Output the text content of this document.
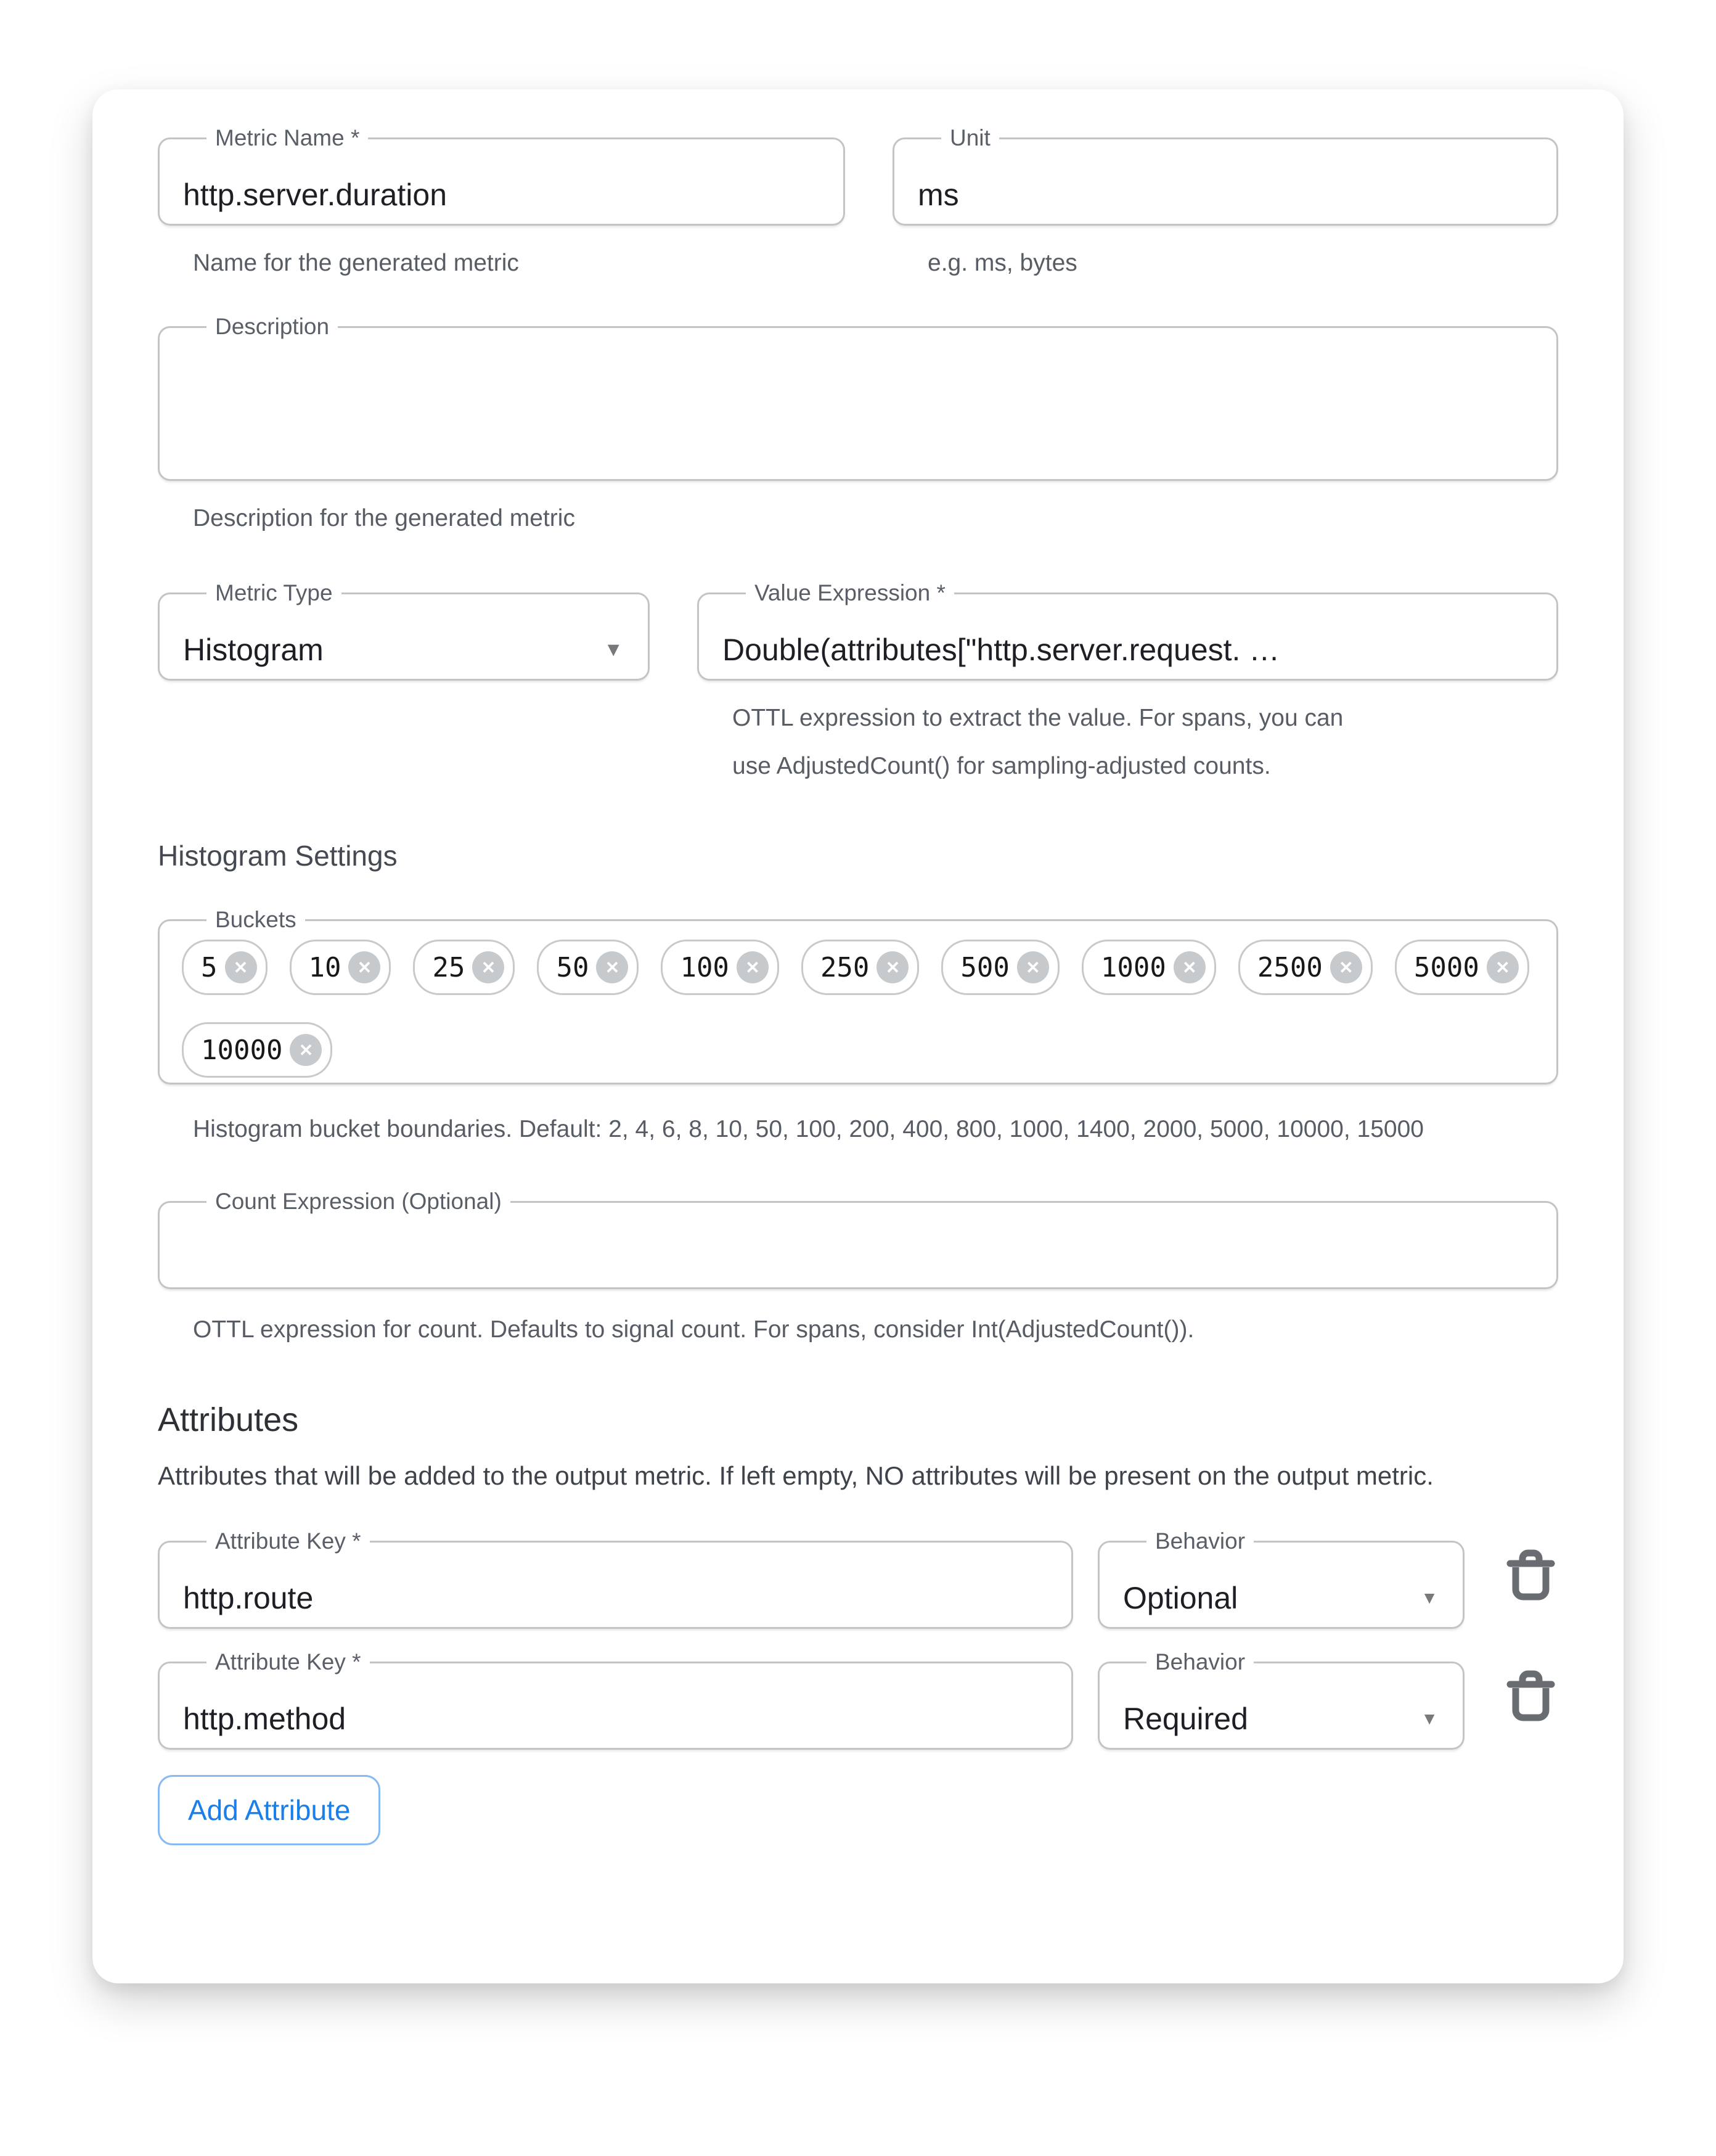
Metric Name *
http.server.duration
Name for the generated metric
Unit
ms
e.g. ms, bytes
Description
Description for the generated metric
Metric Type
Histogram	▼
Value Expression *
Double(attributes["http.server.request. …
OTTL expression to extract the value. For spans, you can use AdjustedCount() for sampling-adjusted counts.
Histogram Settings
Buckets
5 ✕	10 ✕	25 ✕	50 ✕	100 ✕	250 ✕	500 ✕	1000 ✕	2500 ✕	5000 ✕
10000 ✕
Histogram bucket boundaries. Default: 2, 4, 6, 8, 10, 50, 100, 200, 400, 800, 1000, 1400, 2000, 5000, 10000, 15000
Count Expression (Optional)
OTTL expression for count. Defaults to signal count. For spans, consider Int(AdjustedCount()).
Attributes
Attributes that will be added to the output metric. If left empty, NO attributes will be present on the output metric.
Attribute Key *
http.route
Behavior
Optional	▼
Attribute Key *
http.method
Behavior
Required	▼
Add Attribute
